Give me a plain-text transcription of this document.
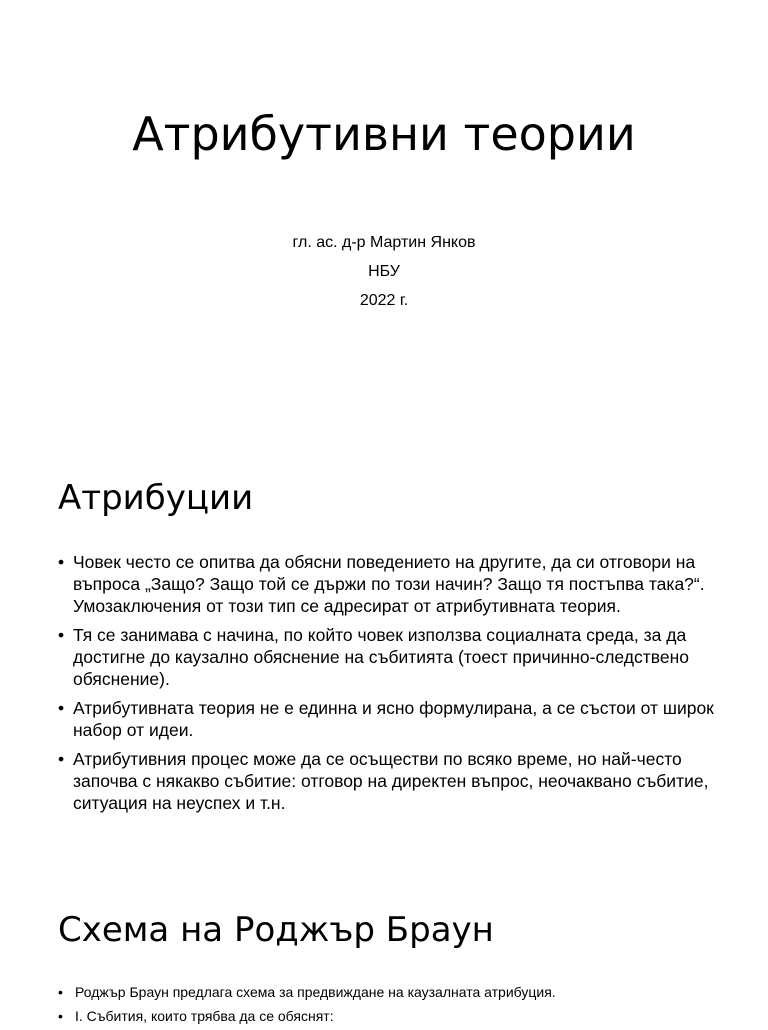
Атрибутивни теории
гл. ас. д-р Мартин Янков
НБУ
2022 г.
Атрибуции
• Човек често се опитва да обясни поведението на другите, да си отговори на въпроса „Защо? Защо той се държи по този начин? Защо тя постъпва така?“. Умозаключения от този тип се адресират от атрибутивната теория.
• Тя се занимава с начина, по който човек използва социалната среда, за да достигне до каузално обяснение на събитията (тоест причинно-следствено обяснение).
• Атрибутивната теория не е единна и ясно формулирана, а се състои от широк набор от идеи.
• Атрибутивния процес може да се осъществи по всяко време, но най-често започва с някакво събитие: отговор на директен въпрос, неочаквано събитие, ситуация на неуспех и т.н.
Схема на Роджър Браун
• Роджър Браун предлага схема за предвиждане на каузалната атрибуция.
• I. Събития, които трябва да се обяснят:
